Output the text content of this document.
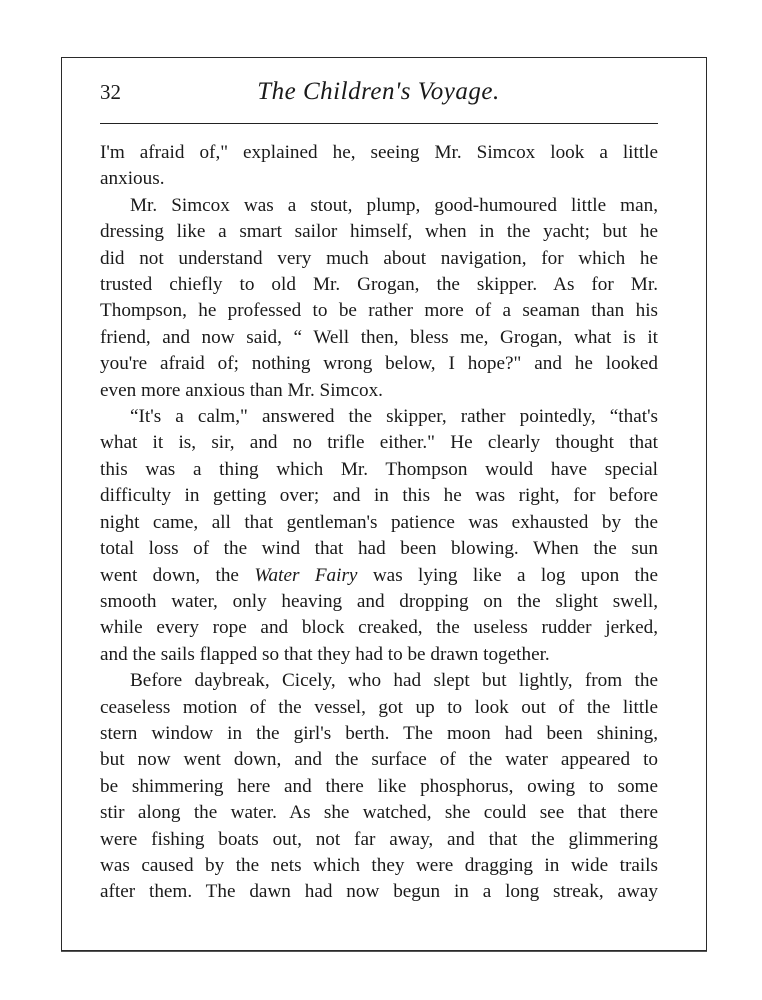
32	The Children's Voyage.

I'm afraid of," explained he, seeing Mr. Simcox look a little
anxious.

Mr. Simcox was a stout, plump, good-humoured little man,
dressing like a smart sailor himself, when in the yacht; but he
did not understand very much about navigation, for which he
trusted chiefly to old Mr. Grogan, the skipper. As for Mr.
Thompson, he professed to be rather more of a seaman than his
friend, and now said, “ Well then, bless me, Grogan, what is it
you're afraid of; nothing wrong below, I hope?" and he looked
even more anxious than Mr. Simcox.

“It's a calm," answered the skipper, rather pointedly, “that's
what it is, sir, and no trifle either." He clearly thought that
this was a thing which Mr. Thompson would have special
difficulty in getting over; and in this he was right, for before
night came, all that gentleman's patience was exhausted by the
total loss of the wind that had been blowing. When the sun
went down, the Water Fairy was lying like a log upon the
smooth water, only heaving and dropping on the slight swell,
while every rope and block creaked, the useless rudder jerked,
and the sails flapped so that they had to be drawn together.

Before daybreak, Cicely, who had slept but lightly, from the
ceaseless motion of the vessel, got up to look out of the little
stern window in the girl's berth. The moon had been shining,
but now went down, and the surface of the water appeared to
be shimmering here and there like phosphorus, owing to some
stir along the water. As she watched, she could see that there
were fishing boats out, not far away, and that the glimmering
was caused by the nets which they were dragging in wide trails
after them. The dawn had now begun in a long streak, away
